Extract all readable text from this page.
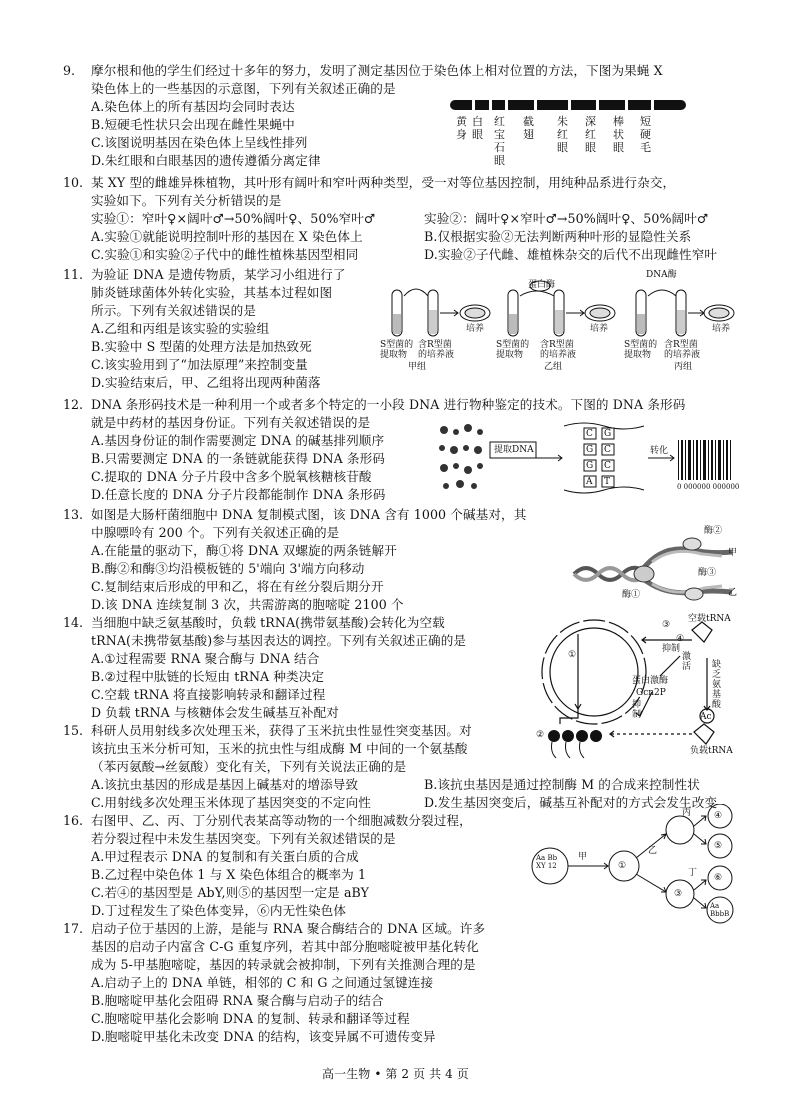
9. 摩尔根和他的学生们经过十多年的努力，发明了测定基因位于染色体上相对位置的方法，下图为果蝇 X
染色体上的一些基因的示意图，下列有关叙述正确的是
A.染色体上的所有基因均会同时表达
B.短硬毛性状只会出现在雌性果蝇中
C.该图说明基因在染色体上呈线性排列
D.朱红眼和白眼基因的遗传遵循分离定律
黄身
白眼
红宝石眼
截翅
朱红眼
深红眼
棒状眼
短硬毛
10. 某 XY 型的雌雄异株植物，其叶形有阔叶和窄叶两种类型，受一对等位基因控制，用纯种品系进行杂交，
实验如下。下列有关分析错误的是
实验①：窄叶♀×阔叶♂→50%阔叶♀、50%窄叶♂	实验②：阔叶♀×窄叶♂→50%阔叶♀、50%阔叶♂
A.实验①就能说明控制叶形的基因在 X 染色体上	B.仅根据实验②无法判断两种叶形的显隐性关系
C.实验①和实验②子代中的雌性植株基因型相同	D.实验②子代雌、雄植株杂交的后代不出现雌性窄叶
11. 为验证 DNA 是遗传物质，某学习小组进行了
肺炎链球菌体外转化实验，其基本过程如图
所示。下列有关叙述错误的是
A.乙组和丙组是该实验的实验组
B.实验中 S 型菌的处理方法是加热致死
C.该实验用到了“加法原理”来控制变量
D.实验结束后，甲、乙组将出现两种菌落
蛋白酶
DNA酶
培养	培养	培养
S型菌的提取物
含R型菌的培养液
S型菌的提取物
含R型菌的培养液
S型菌的提取物
含R型菌的培养液
甲组	乙组	丙组
12. DNA 条形码技术是一种利用一个或者多个特定的一小段 DNA 进行物种鉴定的技术。下图的 DNA 条形码
就是中药材的基因身份证。下列有关叙述错误的是
A.基因身份证的制作需要测定 DNA 的碱基排列顺序
B.只需要测定 DNA 的一条链就能获得 DNA 条形码
C.提取的 DNA 分子片段中含多个脱氧核糖核苷酸
D.任意长度的 DNA 分子片段都能制作 DNA 条形码
提取DNA	转化
C G
G C
G C
A T	0 000000 000000
13. 如图是大肠杆菌细胞中 DNA 复制模式图，该 DNA 含有 1000 个碱基对，其
中腺嘌呤有 200 个。下列有关叙述正确的是
A.在能量的驱动下，酶①将 DNA 双螺旋的两条链解开
B.酶②和酶③均沿模板链的 5'端向 3'端方向移动
C.复制结束后形成的甲和乙，将在有丝分裂后期分开
D.该 DNA 连续复制 3 次，共需游离的胞嘧啶 2100 个
酶②
甲
酶③
酶①	乙
14. 当细胞中缺乏氨基酸时，负载 tRNA(携带氨基酸)会转化为空载
tRNA(未携带氨基酸)参与基因表达的调控。下列有关叙述正确的是
A.①过程需要 RNA 聚合酶与 DNA 结合
B.②过程中肽链的长短由 tRNA 种类决定
C.空载 tRNA 将直接影响转录和翻译过程
D 负载 tRNA 与核糖体会发生碱基互补配对
空载tRNA
抑制
④
激活 缺乏氨基酸
蛋白激酶
Gcn2P
抑制	Ac
负载tRNA
①
②
③
15. 科研人员用射线多次处理玉米，获得了玉米抗虫性显性突变基因。对
该抗虫玉米分析可知，玉米的抗虫性与组成酶 M 中间的一个氨基酸
（苯丙氨酸→丝氨酸）变化有关，下列有关说法正确的是
A.该抗虫基因的形成是基因上碱基对的增添导致	B.该抗虫基因是通过控制酶 M 的合成来控制性状
C.用射线多次处理玉米体现了基因突变的不定向性	D.发生基因突变后，碱基互补配对的方式会发生改变
16. 右图甲、乙、丙、丁分别代表某高等动物的一个细胞减数分裂过程，
若分裂过程中未发生基因突变。下列有关叙述错误的是
A.甲过程表示 DNA 的复制和有关蛋白质的合成
B.乙过程中染色体 1 与 X 染色体组合的概率为 1
C.若④的基因型是 AbY,则⑤的基因型一定是 aBY
D.丁过程发生了染色体变异，⑥内无性染色体
Aa Bb XY 12
甲
①
乙
丙
③
丁
④
⑤
⑥
Aa BbbB
17. 启动子位于基因的上游，是能与 RNA 聚合酶结合的 DNA 区域。许多
基因的启动子内富含 C-G 重复序列，若其中部分胞嘧啶被甲基化转化
成为 5-甲基胞嘧啶，基因的转录就会被抑制，下列有关推测合理的是
A.启动子上的 DNA 单链，相邻的 C 和 G 之间通过氢键连接
B.胞嘧啶甲基化会阻碍 RNA 聚合酶与启动子的结合
C.胞嘧啶甲基化会影响 DNA 的复制、转录和翻译等过程
D.胞嘧啶甲基化未改变 DNA 的结构，该变异属不可遗传变异
高一生物 • 第 2 页 共 4 页
